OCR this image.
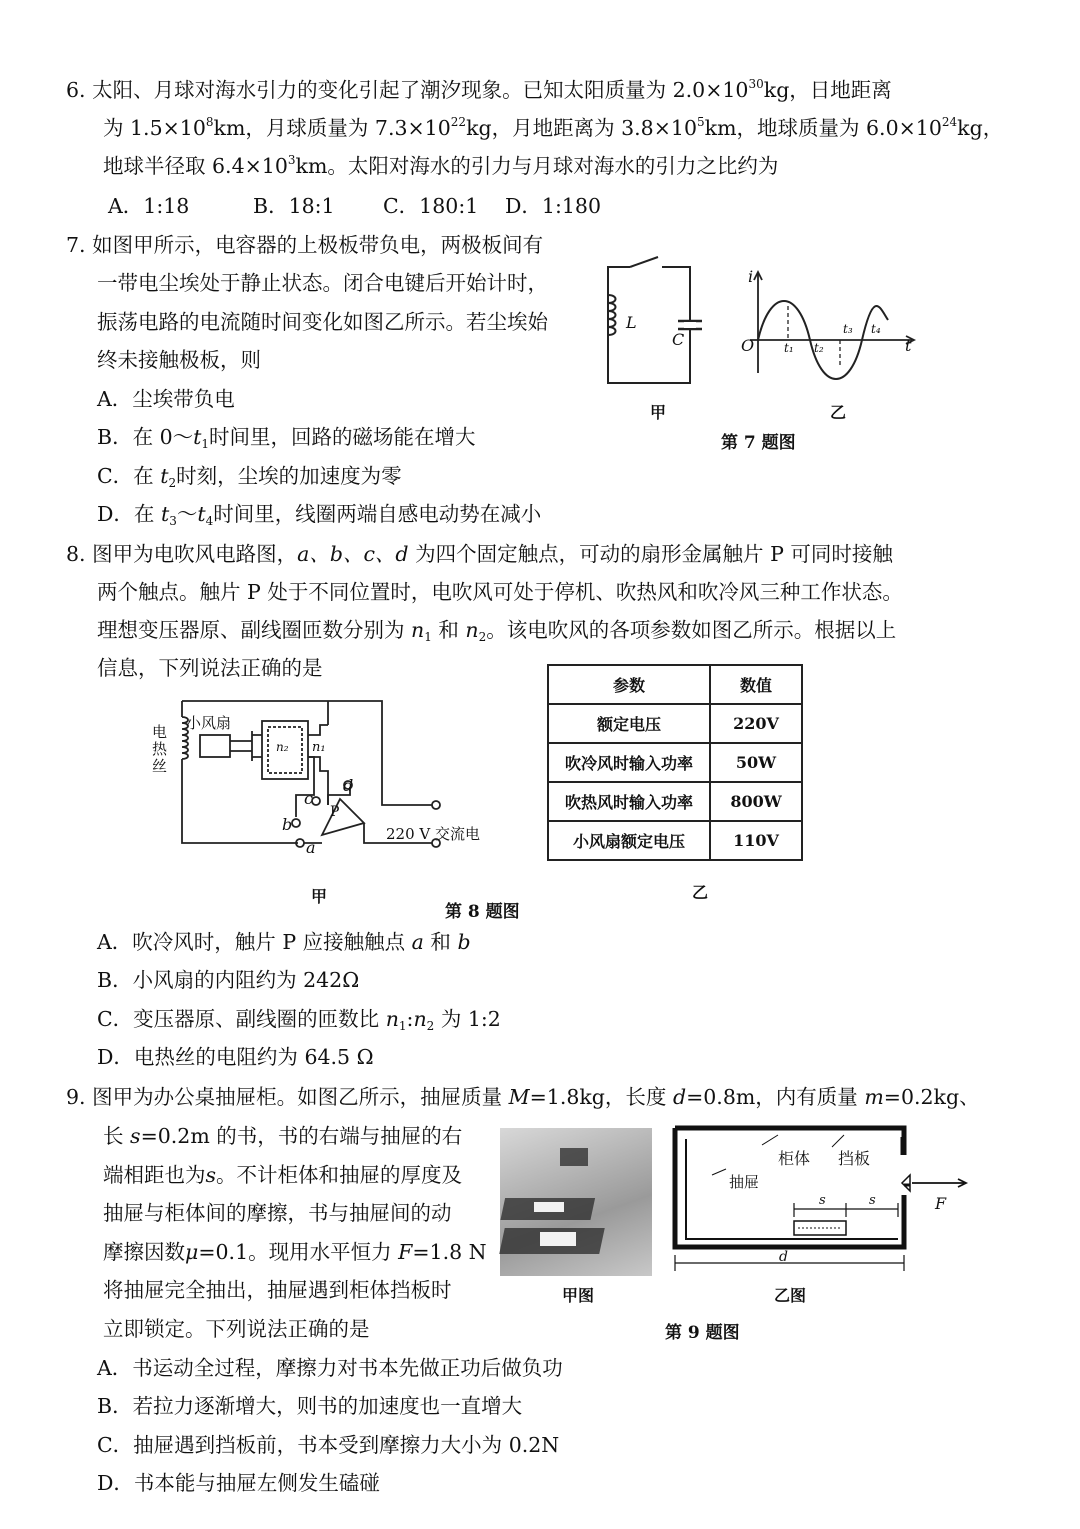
6. 太阳、月球对海水引力的变化引起了潮汐现象。已知太阳质量为 $2.0\times 10^{30}kg$，日地距离
为 $1.5\times 10^8km$，月球质量为 $7.3\times 10^{22}kg$，月地距离为 $3.8\times 10^5km$，地球质量为 $6.0\times 10^{24}kg$，
地球半径取 $6.4\times 10^3km$。太阳对海水的引力与月球对海水的引力之比约为
A．1:18	B．18:1 C．180:1 D．1:180
7. 如图甲所示，电容器的上极板带负电，两极板间有
一带电尘埃处于静止状态。闭合电键后开始计时，
振荡电路的电流随时间变化如图乙所示。若尘埃始
终未接触极板，则
A．尘埃带负电
B．在 $0\sim t_1$时间里，回路的磁场能在增大
C．在 $t_2$时刻，尘埃的加速度为零
D．在 $t_3\sim t_4$时间里，线圈两端自感电动势在减小
L
C
i
O	t
t₁ t₂
t₃ t₄
甲	乙
第 7 题图
8. 图甲为电吹风电路图，a、b、c、d 为四个固定触点，可动的扇形金属触片 P 可同时接触
两个触点。触片 P 处于不同位置时，电吹风可处于停机、吹热风和吹冷风三种工作状态。
理想变压器原、副线圈匝数分别为 $n_1$ 和 $n_2$。该电吹风的各项参数如图乙所示。根据以上
信息，下列说法正确的是
电热丝
小风扇
n₂ n₁
b
c
d
P
a
220 V 交流电
参数	数值
额定电压	220V
吹冷风时输入功率	50W
吹热风时输入功率	800W
小风扇额定电压	110V
甲	乙
第 8 题图
A．吹冷风时，触片 P 应接触触点 a 和 b
B．小风扇的内阻约为 242Ω
C．变压器原、副线圈的匝数比 $n_1:n_2$ 为 1:2
D．电热丝的电阻约为 64.5 Ω
9. 图甲为办公桌抽屉柜。如图乙所示，抽屉质量 M=1.8kg，长度 d=0.8m，内有质量 m=0.2kg、
长 s=0.2m 的书，书的右端与抽屉的右
端相距也为s。不计柜体和抽屉的厚度及
抽屉与柜体间的摩擦，书与抽屉间的动
摩擦因数μ=0.1。现用水平恒力 F=1.8 N
将抽屉完全抽出，抽屉遇到柜体挡板时
立即锁定。下列说法正确的是
柜体 挡板
抽屉
s	s	F
d
甲图	乙图
第 9 题图
A．书运动全过程，摩擦力对书本先做正功后做负功
B．若拉力逐渐增大，则书的加速度也一直增大
C．抽屉遇到挡板前，书本受到摩擦力大小为 0.2N
D．书本能与抽屉左侧发生磕碰
